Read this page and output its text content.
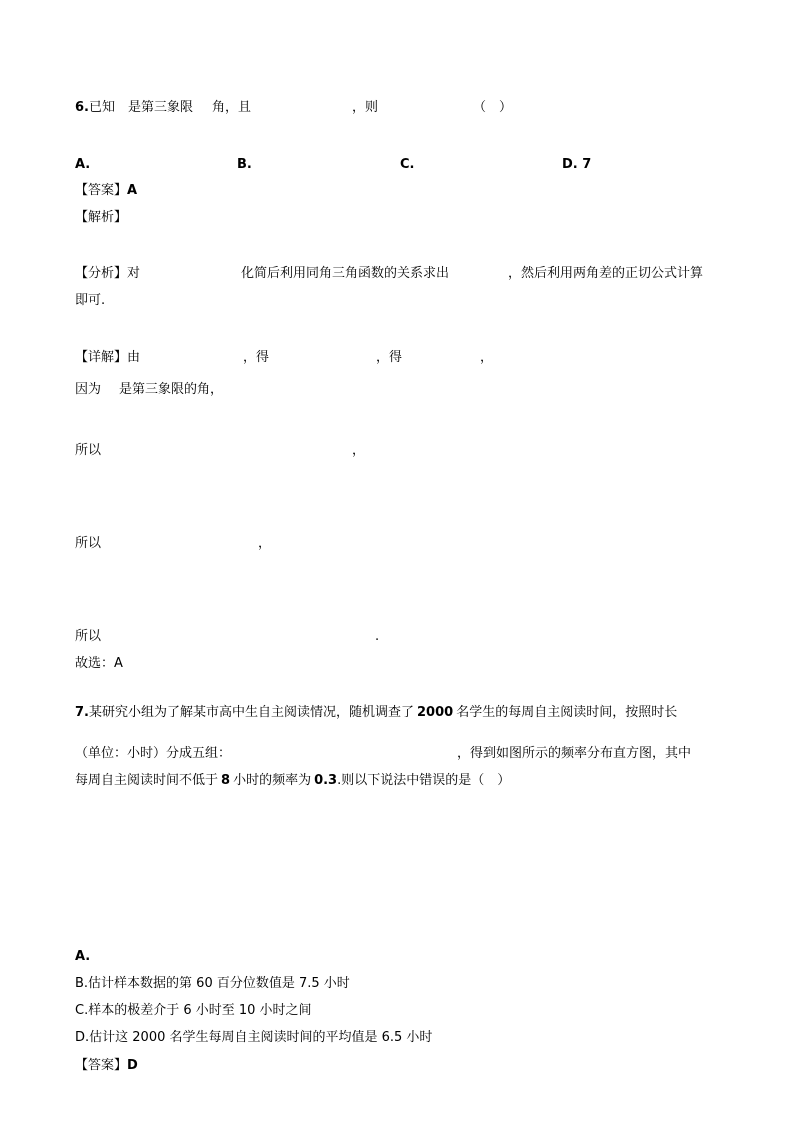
6.已知 是第三象限 角，且	，则	（　）
A.	B.	C.	D. 7
【答案】A
【解析】
【分析】对	化简后利用同角三角函数的关系求出	，然后利用两角差的正切公式计算
即可.
【详解】由	，得	，得	，
因为 是第三象限的角，
所以	，
所以	，
所以	.
故选：A
7.某研究小组为了解某市高中生自主阅读情况，随机调查了 2000 名学生的每周自主阅读时间，按照时长
（单位：小时）分成五组：	，得到如图所示的频率分布直方图，其中
每周自主阅读时间不低于 8 小时的频率为 0.3.则以下说法中错误的是（　）
A.
B.估计样本数据的第 60 百分位数值是 7.5 小时
C.样本的极差介于 6 小时至 10 小时之间
D.估计这 2000 名学生每周自主阅读时间的平均值是 6.5 小时
【答案】D
